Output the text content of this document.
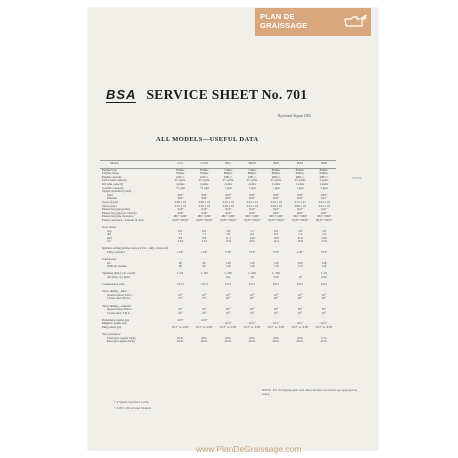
PLAN DE
GRAISSAGE
BSA SERVICE SHEET No. 701
Reprinted August 1962
ALL MODELS—USEFUL DATA
701/61
Model	C15	C15T	B31	B32S	B33	B34	M20
Engine bore	67mm.	67mm.	71mm.	71mm.	85mm.	85mm.	82mm.
Engine stroke	70mm.	70mm.	88mm.	88mm.	88mm.	90mm.	94mm.
Engine capacity	249c.c.	249c.c.	348c.c.	348c.c.	499c.c.	499c.c.	496c.c.
Petrol tank capacity	3½ galls.	2½ galls.	3½ galls.	3½ galls.	3½ galls.	3½ galls.	3 galls.
Oil tank capacity	4 pints	4 pints	4 pints	4 pints	4 pints	4 pints	4 pints
Gearbox capacity	*¾ pint	*¾ pint	1 pint	1 pint	1 pint	1 pint	1 pint
Tappet clearance (cold):							
Inlet	.004"	.004"	.003"	.003"	.003"	.003"	.010"
Exhaust	.004"	.004"	.003"	.003"	.003"	.003"	.012"
Tyres (front)	3.00 x 18	3.00 x 19	3.25 x 19	3.25 x 21	3.25 x 19	2.75 x 21	3.25 x 19
Tyres (rear)	3.25 x 18	3.50 x 18	3.50 x 19	3.25 x 19	3.50 x 19	4.00 x 19	3.25 x 19
Piston ring gap (plain)	.010"	.010"	.010"	.010"	.010"	.010"	.010"
Piston ring gap (oil control)	.010"	.010"	.010"	.010"	.010"	.010"	.010"
Piston ring side clearance	.001"/.004"	.001"/.004"	.001"/.004"	.001"/.004"	.001"/.004"	.001"/.004"	.001"/.004"
Piston clearance—bottom of skirt	.0025"/.0030"	.0025"/.0030"	.0035"/.0045"	.0035"/.0045"	.0035"/.0045"	.0035"/.0045"	.0045"/.0055"

Gear ratios:							
Top	6.0	6.0	5.8	7.1	6.0	5.8	5.9
3rd	7.7	7.7	7.0	9.2	8.3	7.4	7.6
2nd	9.8	9.8	11.1	14.0	10.0	11.8	10.0
1st	14.3	14.3	15.9	20.5	14.2	16.8	15.8

Ignition setting (inches before T.D.C. fully advanced)							
Fully retarded	1.00"	1.00"	7/16"	7/16"	7/16"	1.00"	7/16"

Carburetter:							
Jet	90	90	140	150	150	200	120
With air cleaner	90	90	140	140	170	170	130

Sparking plug (1 in. reach)	L.10	L.105	L.100	L.100	L.100		L.10
All alloy cyl. head			9A	10	9/10	10	9/10

Compression ratio	7.25:1	7.25:1	6.5:1	6.5:1	6.8:1	6.8:1	4.9:1

Valve timing—inlet:							
Opens before T.D.C.	25°	25°	25°	25°	25°	25°	25°
Closes after B.D.C.	75°	75°	65°	65°	65°	65°	65°

Valve timing—exhaust:							
Opens before B.D.C.	55°	55°	65°	65°	65°	65°	65°
Closes after T.D.C.	25°	25°	25°	25°	25°	25°	25°

Distributor points gap	.015"	.015"					
Magneto points gap			.012"	.012"	.012"	.012"	.012"
Plug points gap	.015" to .018"	.015" to .018"	.015" to .018"	.015" to .018"	.015" to .018"	.015" to .018"	.015" to .018"

Tyre pressures:							
Front (per square inch)	18 lb.	18 lb.	18 lb.	18 lb.	18 lb.	18 lb.	17 lb.
Rear (per square inch)	20 lb.	20 lb.	20 lb.	20 lb.	20 lb.	20 lb.	22 lb.
NOTE. For Swinging Arm and other models not listed see appropriate notes.
* 4 Speed Gearbox 1 pint
† 3.00 x 20 on later models
www.PlanDeGraissage.com
